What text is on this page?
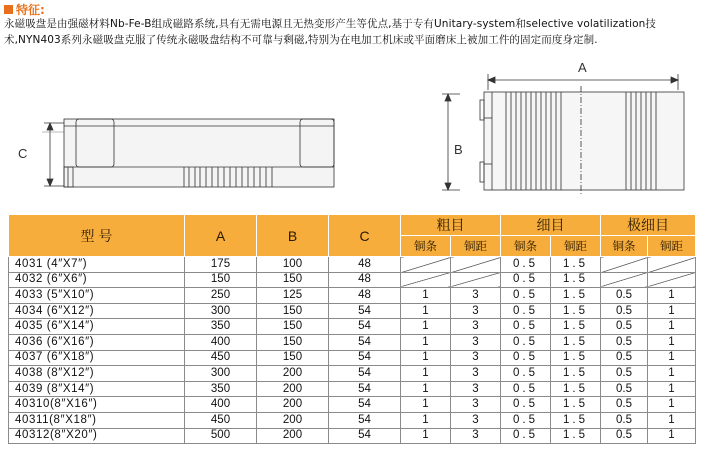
特征:

永磁吸盘是由强磁材料Nb-Fe-B组成磁路系统,具有无需电源且无热变形产生等优点,基于专有Unitary-system和selective volatilization技术,NYN403系列永磁吸盘克服了传统永磁吸盘结构不可靠与剩磁,特别为在电加工机床或平面磨床上被加工件的固定而度身定制.

C
A
B
型 号	A	B	C	粗目		细目		极细目	
				铜条	铜距	铜条	铜距	铜条	铜距
4031 (4″X7″)	175	100	48			0.5	1.5		
4032 (6″X6″)	150	150	48			0.5	1.5		
4033 (5″X10″)	250	125	48	1	3	0.5	1.5	0.5	1
4034 (6″X12″)	300	150	54	1	3	0.5	1.5	0.5	1
4035 (6″X14″)	350	150	54	1	3	0.5	1.5	0.5	1
4036 (6″X16″)	400	150	54	1	3	0.5	1.5	0.5	1
4037 (6″X18″)	450	150	54	1	3	0.5	1.5	0.5	1
4038 (8″X12″)	300	200	54	1	3	0.5	1.5	0.5	1
4039 (8″X14″)	350	200	54	1	3	0.5	1.5	0.5	1
40310(8″X16″)	400	200	54	1	3	0.5	1.5	0.5	1
40311(8″X18″)	450	200	54	1	3	0.5	1.5	0.5	1
40312(8″X20″)	500	200	54	1	3	0.5	1.5	0.5	1
